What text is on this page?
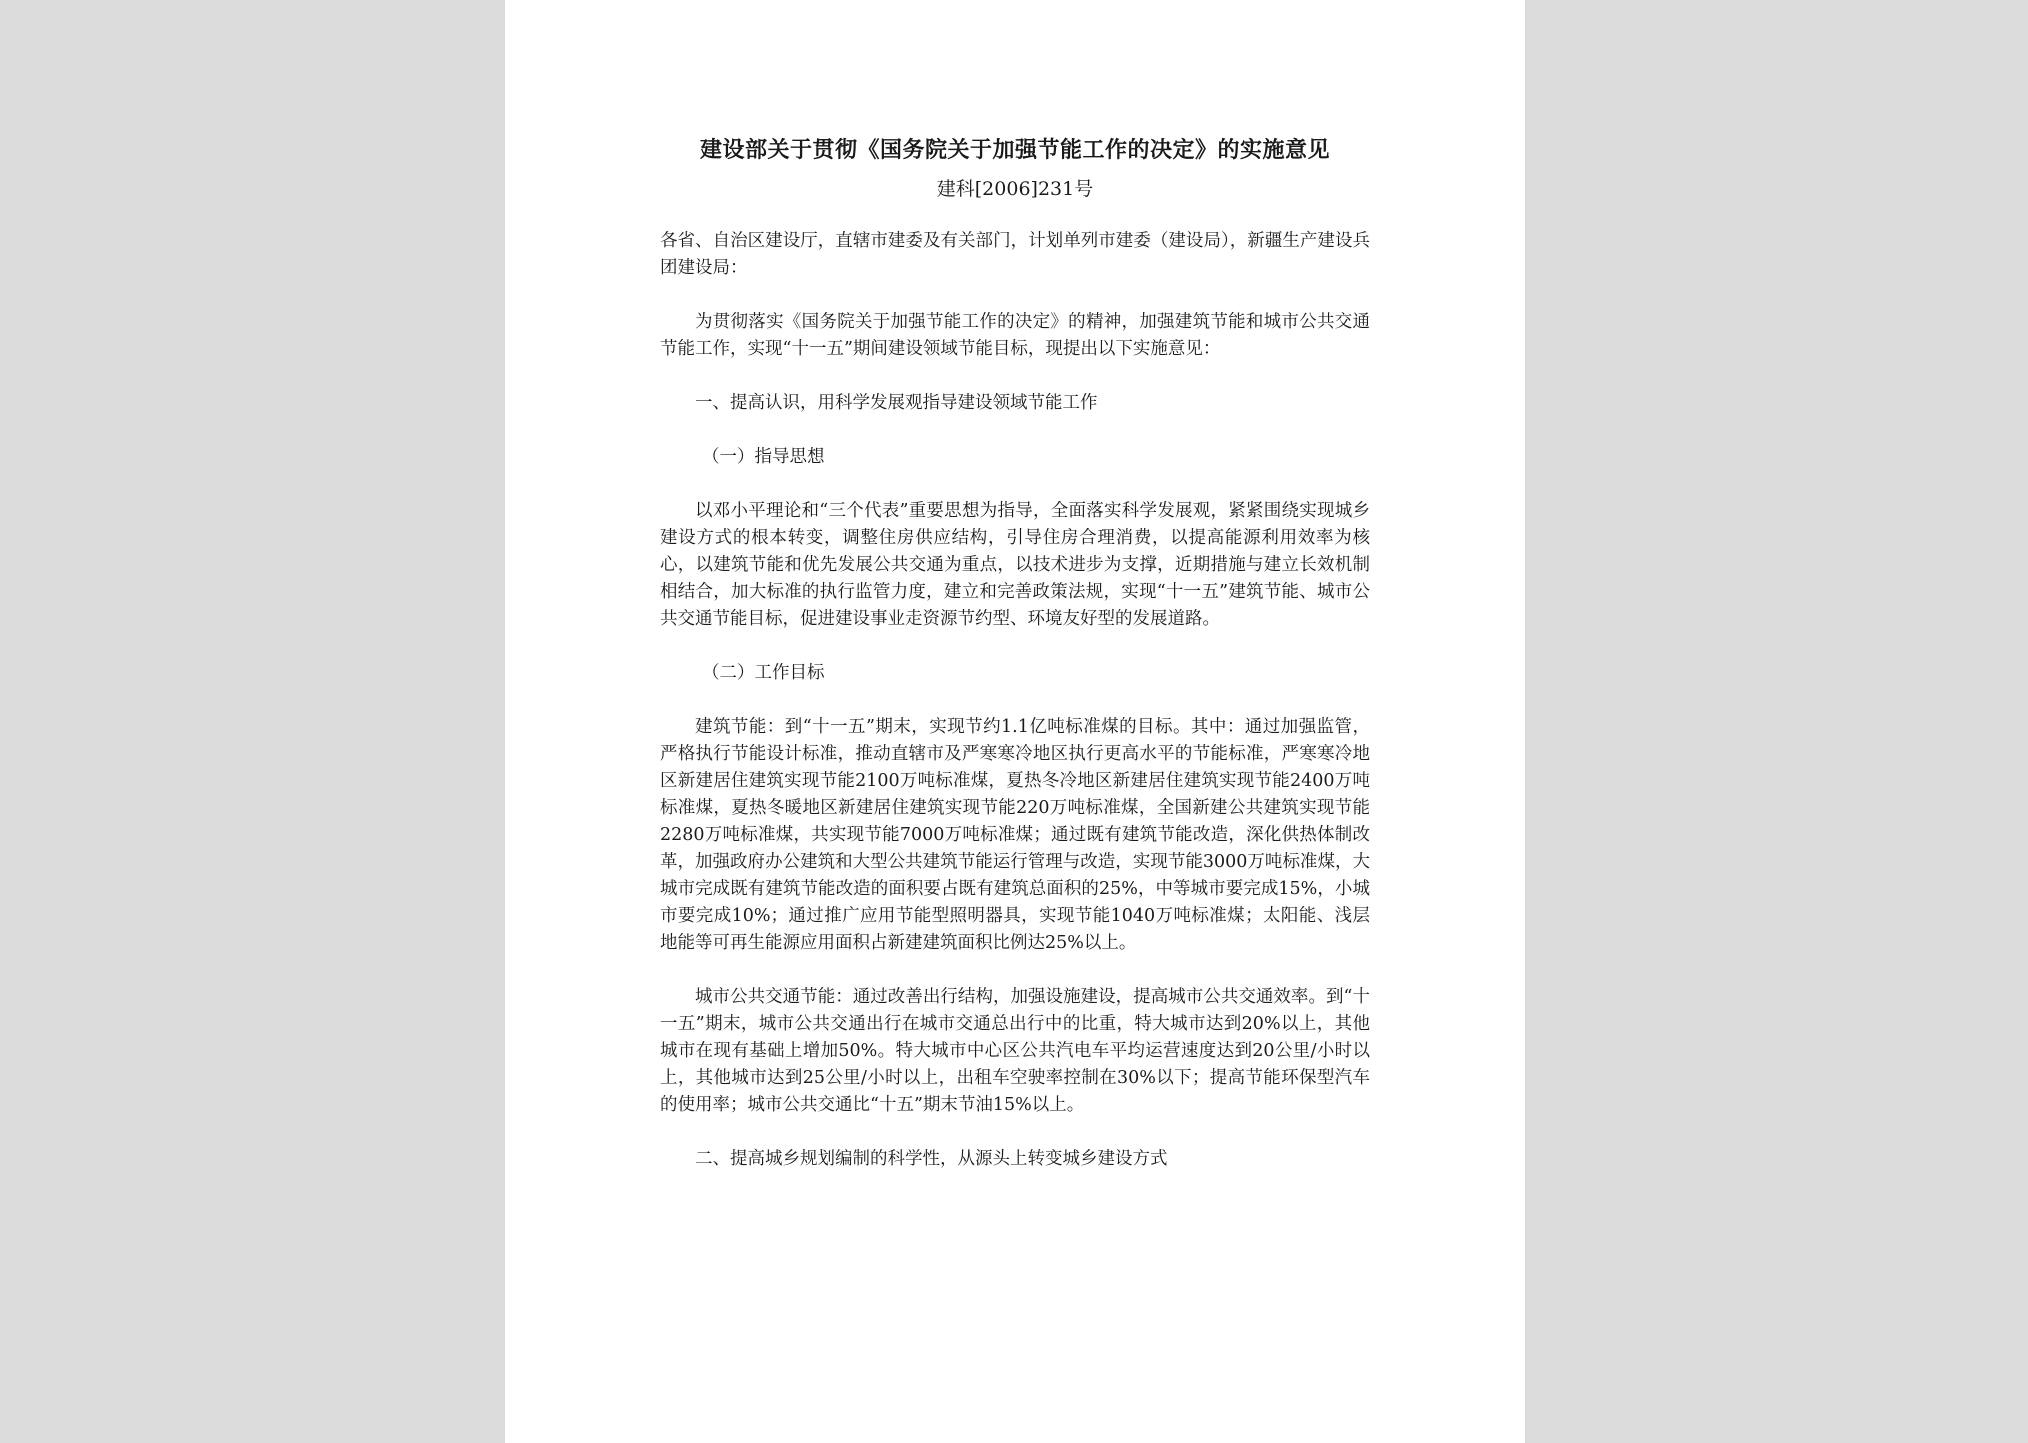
建设部关于贯彻《国务院关于加强节能工作的决定》的实施意见
建科[2006]231号

各省、自治区建设厅，直辖市建委及有关部门，计划单列市建委（建设局），新疆生产建设兵团建设局：

为贯彻落实《国务院关于加强节能工作的决定》的精神，加强建筑节能和城市公共交通节能工作，实现“十一五”期间建设领域节能目标，现提出以下实施意见：

一、提高认识，用科学发展观指导建设领域节能工作

（一）指导思想

以邓小平理论和“三个代表”重要思想为指导，全面落实科学发展观，紧紧围绕实现城乡建设方式的根本转变，调整住房供应结构，引导住房合理消费，以提高能源利用效率为核心，以建筑节能和优先发展公共交通为重点，以技术进步为支撑，近期措施与建立长效机制相结合，加大标准的执行监管力度，建立和完善政策法规，实现“十一五”建筑节能、城市公共交通节能目标，促进建设事业走资源节约型、环境友好型的发展道路。

（二）工作目标

建筑节能：到“十一五”期末，实现节约1.1亿吨标准煤的目标。其中：通过加强监管，严格执行节能设计标准，推动直辖市及严寒寒冷地区执行更高水平的节能标准，严寒寒冷地区新建居住建筑实现节能2100万吨标准煤，夏热冬冷地区新建居住建筑实现节能2400万吨标准煤，夏热冬暖地区新建居住建筑实现节能220万吨标准煤，全国新建公共建筑实现节能2280万吨标准煤，共实现节能7000万吨标准煤；通过既有建筑节能改造，深化供热体制改革，加强政府办公建筑和大型公共建筑节能运行管理与改造，实现节能3000万吨标准煤，大城市完成既有建筑节能改造的面积要占既有建筑总面积的25%，中等城市要完成15%，小城市要完成10%；通过推广应用节能型照明器具，实现节能1040万吨标准煤；太阳能、浅层地能等可再生能源应用面积占新建建筑面积比例达25%以上。

城市公共交通节能：通过改善出行结构，加强设施建设，提高城市公共交通效率。到“十一五”期末，城市公共交通出行在城市交通总出行中的比重，特大城市达到20%以上，其他城市在现有基础上增加50%。特大城市中心区公共汽电车平均运营速度达到20公里/小时以上，其他城市达到25公里/小时以上，出租车空驶率控制在30%以下；提高节能环保型汽车的使用率；城市公共交通比“十五”期末节油15%以上。

二、提高城乡规划编制的科学性，从源头上转变城乡建设方式
